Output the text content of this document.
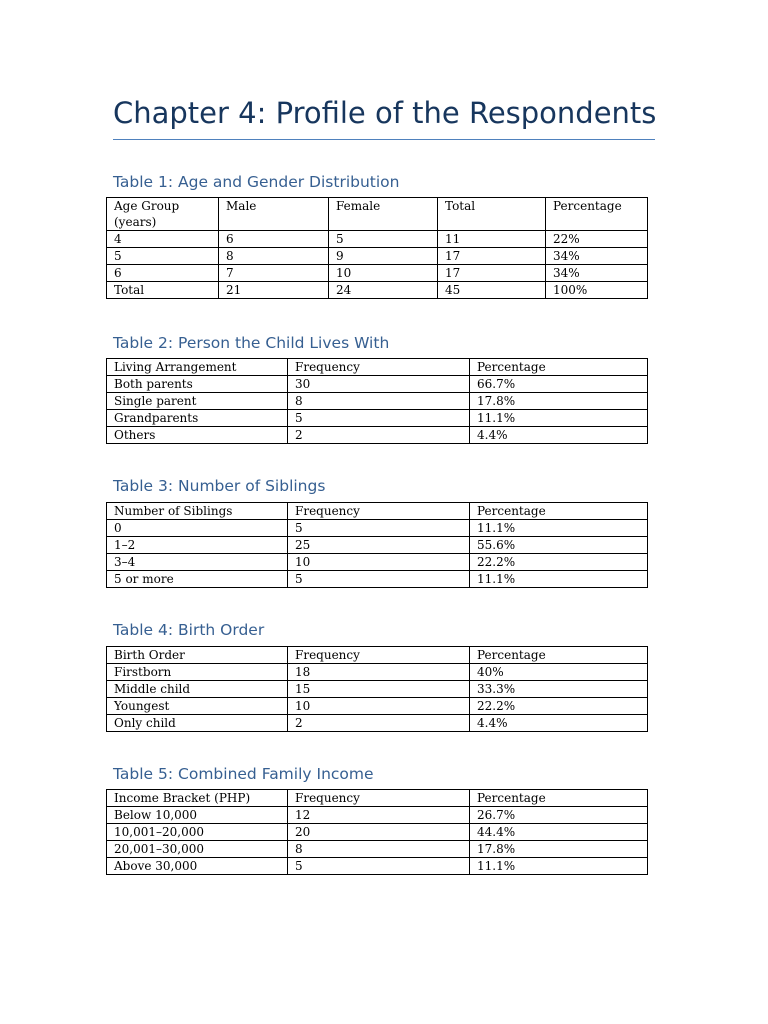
Chapter 4: Profile of the Respondents
Table 1: Age and Gender Distribution
Age Group (years)	Male	Female	Total	Percentage
4	6	5	11	22%
5	8	9	17	34%
6	7	10	17	34%
Total	21	24	45	100%
Table 2: Person the Child Lives With
Living Arrangement	Frequency	Percentage
Both parents	30	66.7%
Single parent	8	17.8%
Grandparents	5	11.1%
Others	2	4.4%
Table 3: Number of Siblings
Number of Siblings	Frequency	Percentage
0	5	11.1%
1–2	25	55.6%
3–4	10	22.2%
5 or more	5	11.1%
Table 4: Birth Order
Birth Order	Frequency	Percentage
Firstborn	18	40%
Middle child	15	33.3%
Youngest	10	22.2%
Only child	2	4.4%
Table 5: Combined Family Income
Income Bracket (PHP)	Frequency	Percentage
Below 10,000	12	26.7%
10,001–20,000	20	44.4%
20,001–30,000	8	17.8%
Above 30,000	5	11.1%
